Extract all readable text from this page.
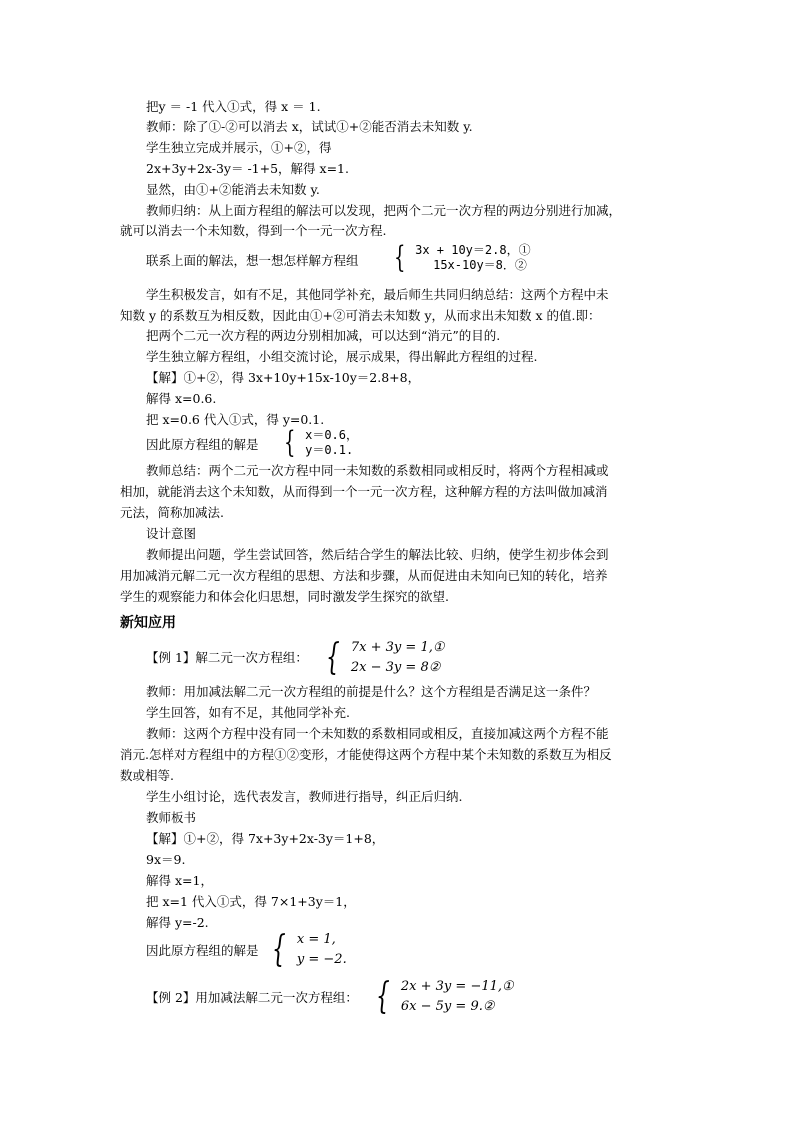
把y ＝ -1 代入①式，得 x ＝ 1.
教师：除了①-②可以消去 x，试试①+②能否消去未知数 y.
学生独立完成并展示，①+②，得
2x+3y+2x-3y＝ -1+5，解得 x=1.
显然，由①+②能消去未知数 y.
教师归纳：从上面方程组的解法可以发现，把两个二元一次方程的两边分别进行加减，
就可以消去一个未知数，得到一个一元一次方程.
联系上面的解法，想一想怎样解方程组 { 3x + 10y＝2.8，①
15x-10y＝8．②
学生积极发言，如有不足，其他同学补充，最后师生共同归纳总结：这两个方程中未
知数 y 的系数互为相反数，因此由①+②可消去未知数 y，从而求出未知数 x 的值.即：
把两个二元一次方程的两边分别相加减，可以达到“消元”的目的.
学生独立解方程组，小组交流讨论，展示成果，得出解此方程组的过程.
【解】①+②，得 3x+10y+15x-10y＝2.8+8，
解得 x=0.6.
把 x=0.6 代入①式，得 y=0.1.
因此原方程组的解是 { x＝0.6，
y＝0.1.
教师总结：两个二元一次方程中同一未知数的系数相同或相反时，将两个方程相减或
相加，就能消去这个未知数，从而得到一个一元一次方程，这种解方程的方法叫做加减消
元法，简称加减法.
设计意图
教师提出问题，学生尝试回答，然后结合学生的解法比较、归纳，使学生初步体会到
用加减消元解二元一次方程组的思想、方法和步骤，从而促进由未知向已知的转化，培养
学生的观察能力和体会化归思想，同时激发学生探究的欲望.
新知应用
【例 1】解二元一次方程组： { 7x + 3y = 1,①
2x − 3y = 8②
教师：用加减法解二元一次方程组的前提是什么？这个方程组是否满足这一条件？
学生回答，如有不足，其他同学补充.
教师：这两个方程中没有同一个未知数的系数相同或相反，直接加减这两个方程不能
消元.怎样对方程组中的方程①②变形，才能使得这两个方程中某个未知数的系数互为相反
数或相等.
学生小组讨论，选代表发言，教师进行指导，纠正后归纳.
教师板书
【解】①+②，得 7x+3y+2x-3y＝1+8，
9x＝9.
解得 x=1，
把 x=1 代入①式，得 7×1+3y＝1，
解得 y=-2.
因此原方程组的解是 { x = 1,
y = −2.
【例 2】用加减法解二元一次方程组： { 2x + 3y = −11,①
6x − 5y = 9.②
